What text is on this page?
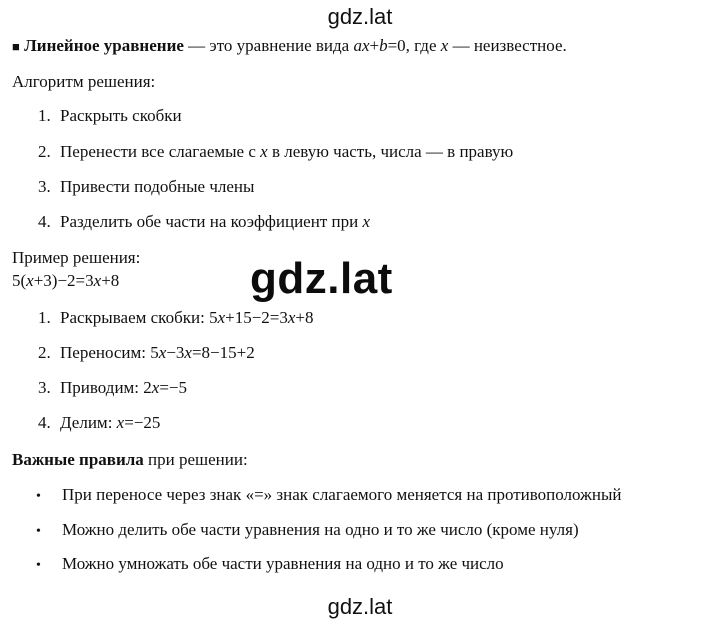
gdz.lat
■ Линейное уравнение — это уравнение вида ax+b=0, где x — неизвестное.
Алгоритм решения:
1. Раскрыть скобки
2. Перенести все слагаемые с x в левую часть, числа — в правую
3. Привести подобные члены
4. Разделить обе части на коэффициент при x
Пример решения:
5(x+3)−2=3x+8
1. Раскрываем скобки: 5x+15−2=3x+8
2. Переносим: 5x−3x=8−15+2
3. Приводим: 2x=−5
4. Делим: x=−25
Важные правила при решении:
• При переносе через знак «=» знак слагаемого меняется на противоположный
• Можно делить обе части уравнения на одно и то же число (кроме нуля)
• Можно умножать обе части уравнения на одно и то же число
gdz.lat
gdz.lat
